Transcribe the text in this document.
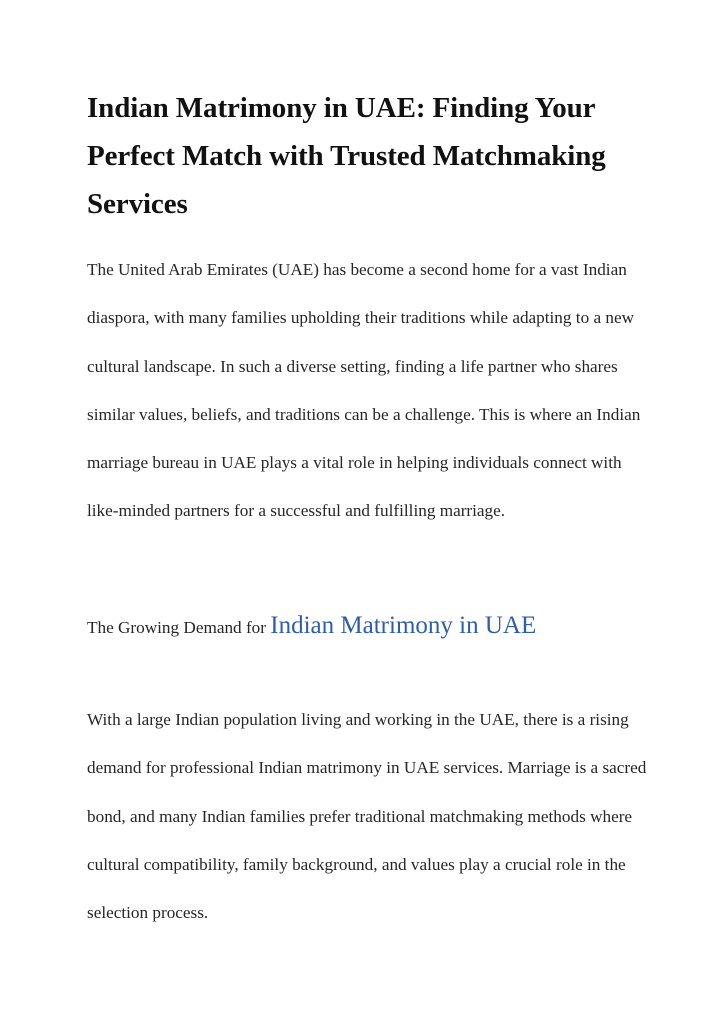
Indian Matrimony in UAE: Finding Your Perfect Match with Trusted Matchmaking Services

The United Arab Emirates (UAE) has become a second home for a vast Indian diaspora, with many families upholding their traditions while adapting to a new cultural landscape. In such a diverse setting, finding a life partner who shares similar values, beliefs, and traditions can be a challenge. This is where an Indian marriage bureau in UAE plays a vital role in helping individuals connect with like-minded partners for a successful and fulfilling marriage.

The Growing Demand for Indian Matrimony in UAE

With a large Indian population living and working in the UAE, there is a rising demand for professional Indian matrimony in UAE services. Marriage is a sacred bond, and many Indian families prefer traditional matchmaking methods where cultural compatibility, family background, and values play a crucial role in the selection process.
